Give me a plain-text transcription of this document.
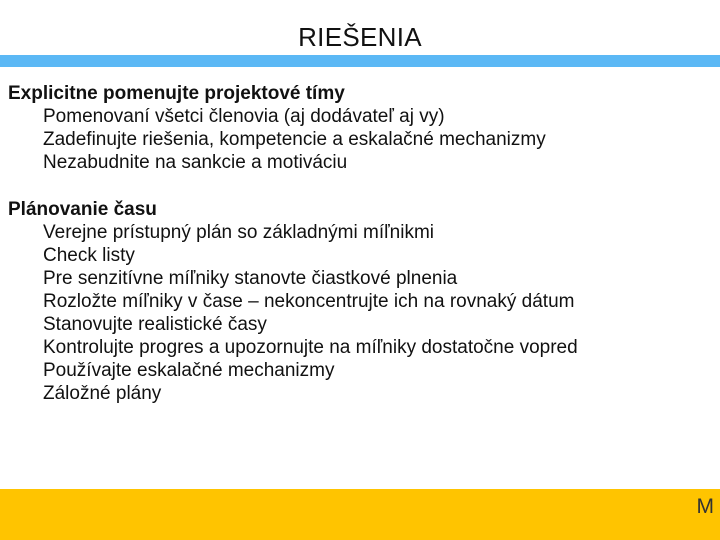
RIEŠENIA
Explicitne pomenujte projektové tímy
Pomenovaní všetci členovia (aj dodávateľ aj vy)
Zadefinujte riešenia, kompetencie a eskalačné mechanizmy
Nezabudnite na sankcie a motiváciu
Plánovanie času
Verejne prístupný plán so základnými míľnikmi
Check listy
Pre senzitívne míľniky stanovte čiastkové plnenia
Rozložte míľniky v čase – nekoncentrujte ich na rovnaký dátum
Stanovujte realistické časy
Kontrolujte progres a upozornujte na míľniky dostatočne vopred
Používajte eskalačné mechanizmy
Záložné plány
M
